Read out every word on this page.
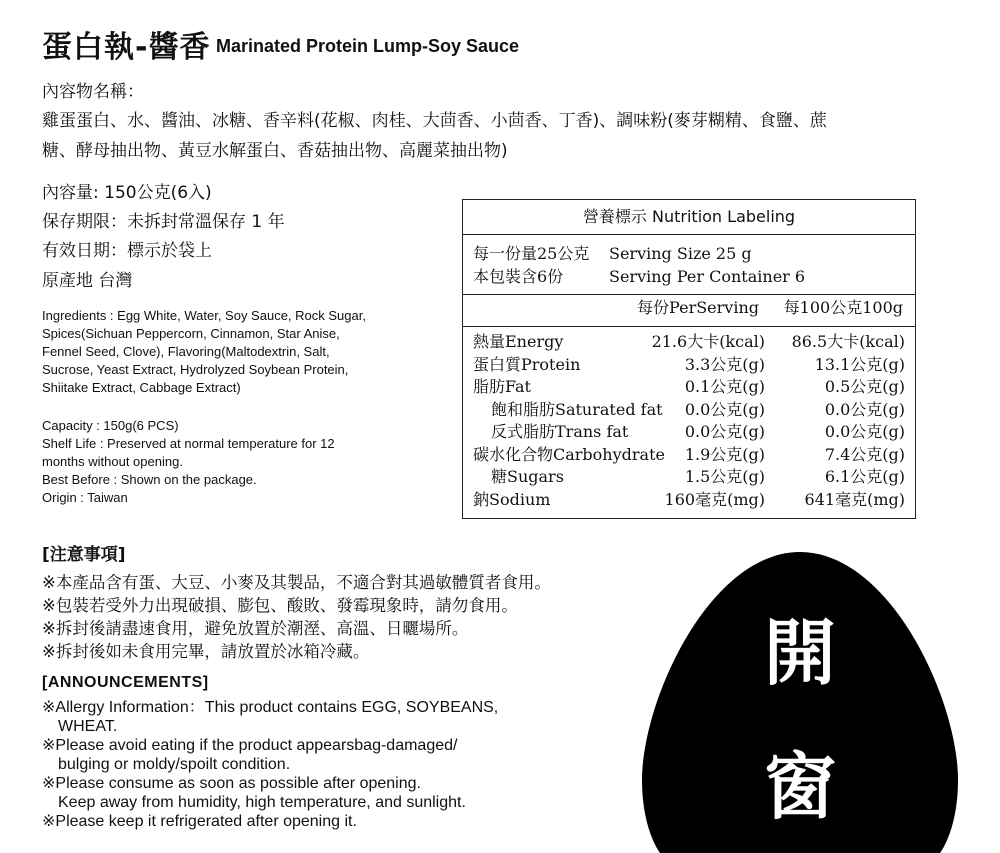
蛋白執-醬香 Marinated Protein Lump-Soy Sauce
內容物名稱：
雞蛋蛋白、水、醬油、冰糖、香辛料(花椒、肉桂、大茴香、小茴香、丁香)、調味粉(麥芽糊精、食鹽、蔗
糖、酵母抽出物、黃豆水解蛋白、香菇抽出物、高麗菜抽出物)
內容量: 150公克(6入)
保存期限：未拆封常溫保存 1 年
有效日期：標示於袋上
原產地 台灣
Ingredients : Egg White, Water, Soy Sauce, Rock Sugar,
Spices(Sichuan Peppercorn, Cinnamon, Star Anise,
Fennel Seed, Clove), Flavoring(Maltodextrin, Salt,
Sucrose, Yeast Extract, Hydrolyzed Soybean Protein,
Shiitake Extract, Cabbage Extract)
Capacity : 150g(6 PCS)
Shelf Life : Preserved at normal temperature for 12
months without opening.
Best Before : Shown on the package.
Origin : Taiwan
營養標示 Nutrition Labeling
每一份量25公克 Serving Size 25 g
本包裝含6份	Serving Per Container 6
每份PerServing 每100公克100g
熱量Energy	21.6大卡(kcal) 86.5大卡(kcal)
蛋白質Protein	3.3公克(g)	13.1公克(g)
脂肪Fat	0.1公克(g)	0.5公克(g)
飽和脂肪Saturated fat 0.0公克(g)	0.0公克(g)
反式脂肪Trans fat	0.0公克(g)	0.0公克(g)
碳水化合物Carbohydrate 1.9公克(g)	7.4公克(g)
糖Sugars	1.5公克(g)	6.1公克(g)
鈉Sodium	160毫克(mg) 641毫克(mg)
[注意事項]
※本產品含有蛋、大豆、小麥及其製品，不適合對其過敏體質者食用。
※包裝若受外力出現破損、膨包、酸敗、發霉現象時，請勿食用。
※拆封後請盡速食用，避免放置於潮溼、高溫、日曬場所。
※拆封後如未食用完畢，請放置於冰箱冷藏。
[ANNOUNCEMENTS]
※Allergy Information：This product contains EGG, SOYBEANS,
WHEAT.
※Please avoid eating if the product appearsbag-damaged/
bulging or moldy/spoilt condition.
※Please consume as soon as possible after opening.
Keep away from humidity, high temperature, and sunlight.
※Please keep it refrigerated after opening it.
開
窗
